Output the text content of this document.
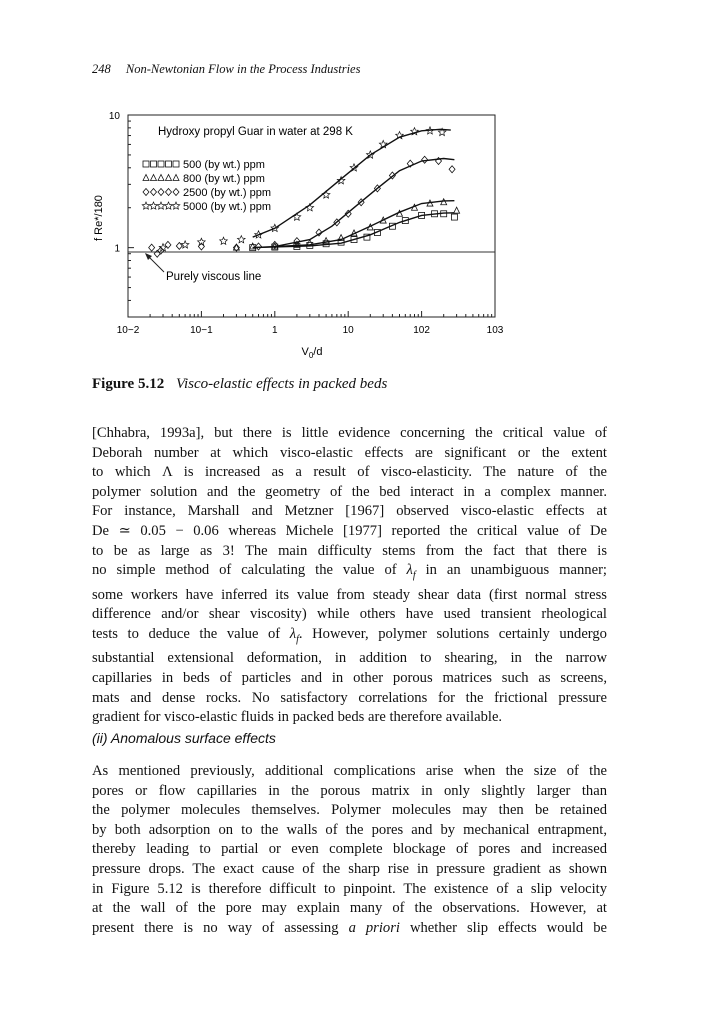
248 Non-Newtonian Flow in the Process Industries
10−2	10−1	1	10	102	103
1
10
Hydroxy propyl Guar in water at 298 K
500 (by wt.) ppm
800 (by wt.) ppm
2500 (by wt.) ppm
5000 (by wt.) ppm
Purely viscous line
f Re*/180
$V_0/d$
Figure 5.12 Visco-elastic effects in packed beds
[Chhabra, 1993a], but there is little evidence concerning the critical value of
Deborah number at which visco-elastic effects are significant or the extent
to which Λ is increased as a result of visco-elasticity. The nature of the
polymer solution and the geometry of the bed interact in a complex manner.
For instance, Marshall and Metzner [1967] observed visco-elastic effects at
De ≃ 0.05 − 0.06 whereas Michele [1977] reported the critical value of De
to be as large as 3! The main difficulty stems from the fact that there is
no simple method of calculating the value of $\lambda_f$ in an unambiguous manner;
some workers have inferred its value from steady shear data (first normal stress
difference and/or shear viscosity) while others have used transient rheological
tests to deduce the value of $\lambda_f$. However, polymer solutions certainly undergo
substantial extensional deformation, in addition to shearing, in the narrow
capillaries in beds of particles and in other porous matrices such as screens,
mats and dense rocks. No satisfactory correlations for the frictional pressure
gradient for visco-elastic fluids in packed beds are therefore available.
(ii) Anomalous surface effects
As mentioned previously, additional complications arise when the size of the
pores or flow capillaries in the porous matrix in only slightly larger than
the polymer molecules themselves. Polymer molecules may then be retained
by both adsorption on to the walls of the pores and by mechanical entrapment,
thereby leading to partial or even complete blockage of pores and increased
pressure drops. The exact cause of the sharp rise in pressure gradient as shown
in Figure 5.12 is therefore difficult to pinpoint. The existence of a slip velocity
at the wall of the pore may explain many of the observations. However, at
present there is no way of assessing a priori whether slip effects would be
